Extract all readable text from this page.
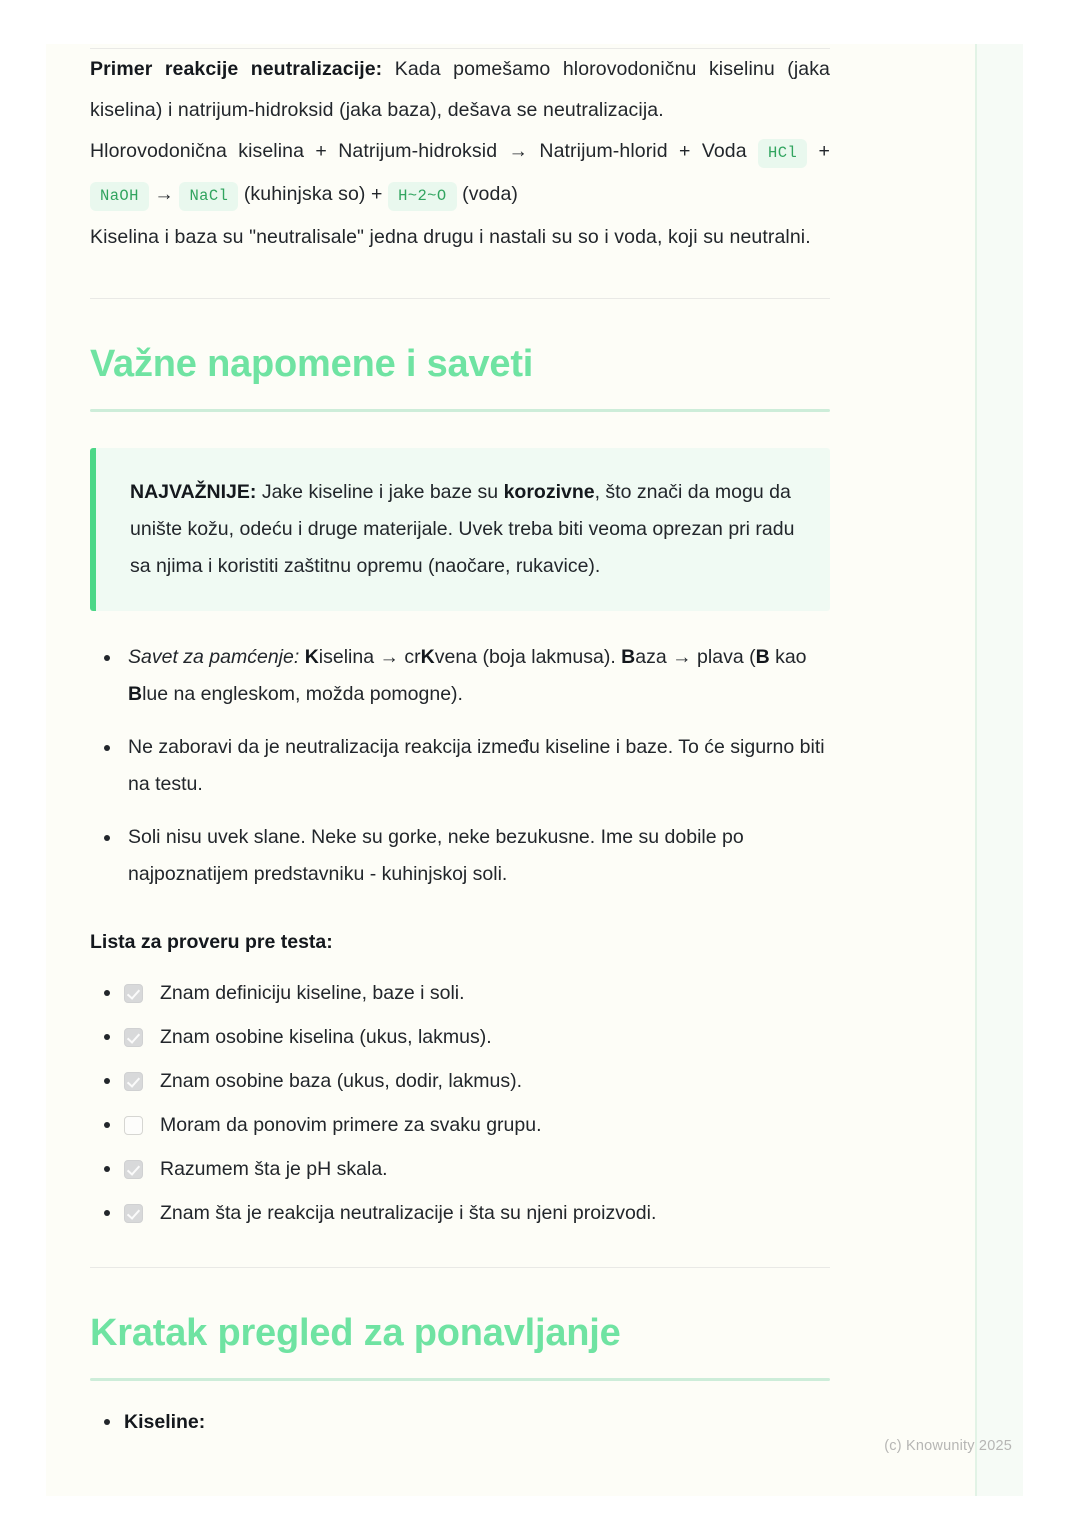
Primer reakcije neutralizacije: Kada pomešamo hlorovodoničnu kiselinu (jaka kiselina) i natrijum-hidroksid (jaka baza), dešava se neutralizacija.

Hlorovodonična kiselina + Natrijum-hidroksid → Natrijum-hlorid + Voda HCl + NaOH → NaCl (kuhinjska so) + H~2~O (voda)

Kiselina i baza su "neutralisale" jedna drugu i nastali su so i voda, koji su neutralni.

Važne napomene i saveti

NAJVAŽNIJE: Jake kiseline i jake baze su korozivne, što znači da mogu da unište kožu, odeću i druge materijale. Uvek treba biti veoma oprezan pri radu sa njima i koristiti zaštitnu opremu (naočare, rukavice).

Savet za pamćenje: Kiselina → crKvena (boja lakmusa). Baza → plava (B kao Blue na engleskom, možda pomogne).
Ne zaboravi da je neutralizacija reakcija između kiseline i baze. To će sigurno biti na testu.
Soli nisu uvek slane. Neke su gorke, neke bezukusne. Ime su dobile po najpoznatijem predstavniku - kuhinjskoj soli.
Lista za proveru pre testa:
Znam definiciju kiseline, baze i soli.
Znam osobine kiselina (ukus, lakmus).
Znam osobine baza (ukus, dodir, lakmus).
Moram da ponovim primere za svaku grupu.
Razumem šta je pH skala.
Znam šta je reakcija neutralizacije i šta su njeni proizvodi.
Kratak pregled za ponavljanje
Kiseline:
(c) Knowunity 2025
